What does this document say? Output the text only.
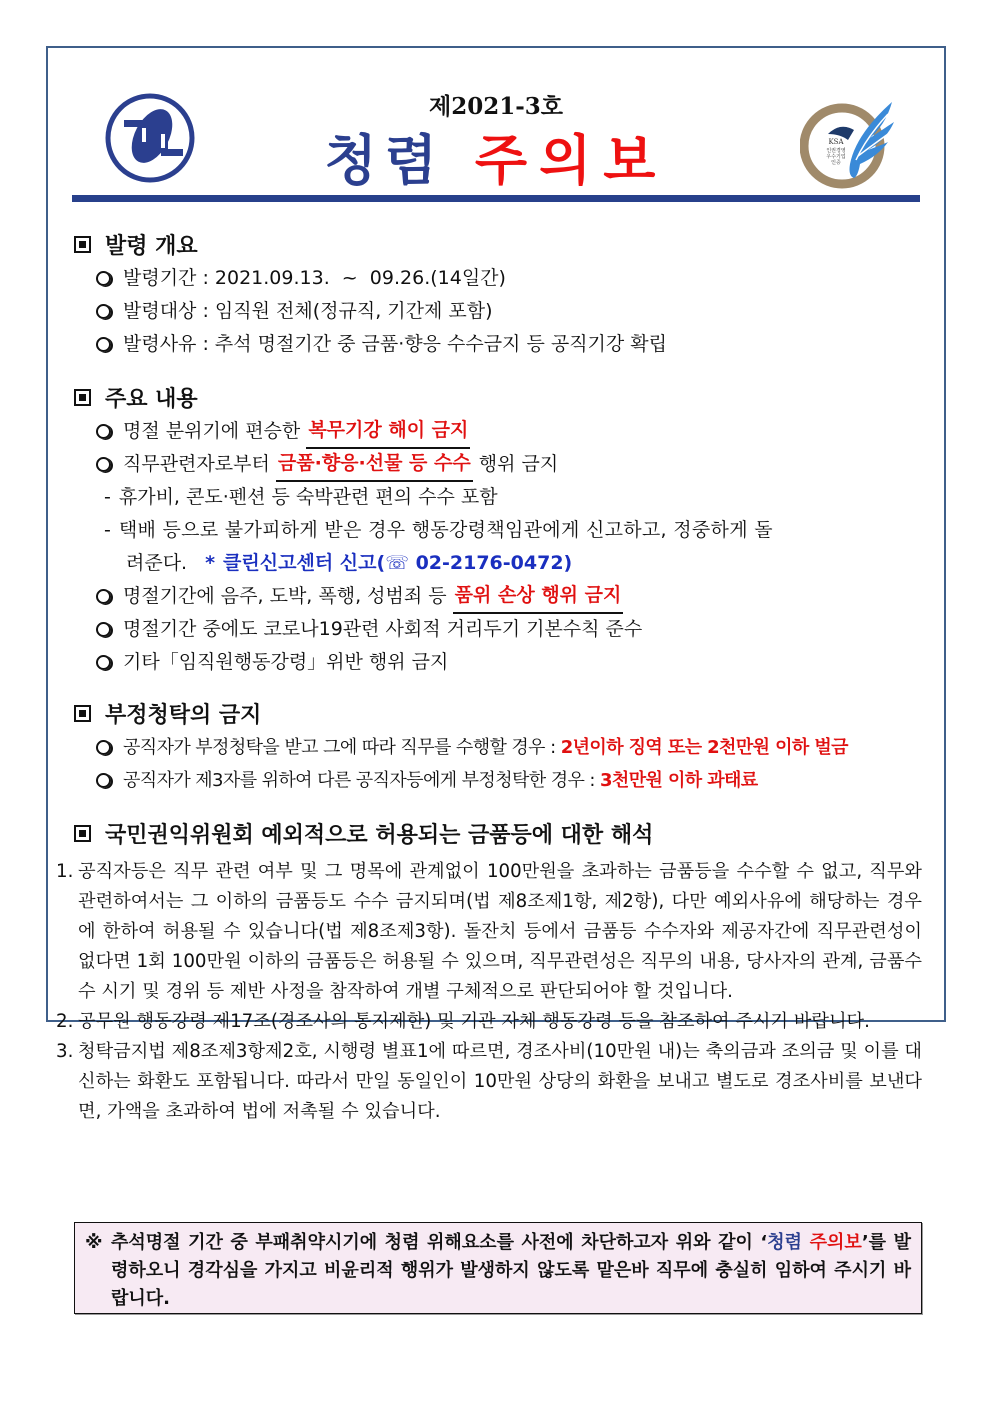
제2021-3호
청렴 주의보	KSA
인권경영
우수기업
인증
발령 개요
발령기간 : 2021.09.13.  ~  09.26.(14일간)
발령대상 : 임직원 전체(정규직, 기간제 포함)
발령사유 : 추석 명절기간 중 금품·향응 수수금지 등 공직기강 확립
주요 내용
명절 분위기에 편승한 복무기강 해이 금지
직무관련자로부터 금품·향응·선물 등 수수 행위 금지
- 휴가비, 콘도·펜션 등 숙박관련 편의 수수 포함
- 택배 등으로 불가피하게 받은 경우 행동강령책임관에게 신고하고, 정중하게 돌
려준다. * 클린신고센터 신고( ☏ 02-2176-0472)
명절기간에 음주, 도박, 폭행, 성범죄 등 품위 손상 행위 금지
명절기간 중에도 코로나19관련 사회적 거리두기 기본수칙 준수
기타「임직원행동강령」위반 행위 금지
부정청탁의 금지
공직자가 부정청탁을 받고 그에 따라 직무를 수행할 경우 : 2년이하 징역 또는 2천만원 이하 벌금
공직자가 제3자를 위하여 다른 공직자등에게 부정청탁한 경우 : 3천만원 이하 과태료
국민권익위원회 예외적으로 허용되는 금품등에 대한 해석
1. 공직자등은 직무 관련 여부 및 그 명목에 관계없이 100만원을 초과하는 금품등을 수수할 수 없고, 직무와 관련하여서는 그 이하의 금품등도 수수 금지되며(법 제8조제1항, 제2항), 다만 예외사유에 해당하는 경우에 한하여 허용될 수 있습니다(법 제8조제3항). 돌잔치 등에서 금품등 수수자와 제공자간에 직무관련성이 없다면 1회 100만원 이하의 금품등은 허용될 수 있으며, 직무관련성은 직무의 내용, 당사자의 관계, 금품수수 시기 및 경위 등 제반 사정을 참작하여 개별 구체적으로 판단되어야 할 것입니다.
2. 공무원 행동강령 제17조(경조사의 통지제한) 및 기관 자체 행동강령 등을 참조하여 주시기 바랍니다.
3. 청탁금지법 제8조제3항제2호, 시행령 별표1에 따르면, 경조사비(10만원 내)는 축의금과 조의금 및 이를 대신하는 화환도 포함됩니다. 따라서 만일 동일인이 10만원 상당의 화환을 보내고 별도로 경조사비를 보낸다면, 가액을 초과하여 법에 저촉될 수 있습니다.
※ 추석명절 기간 중 부패취약시기에 청렴 위해요소를 사전에 차단하고자 위와 같이 ‘청렴 주의보’를 발령하오니 경각심을 가지고 비윤리적 행위가 발생하지 않도록 맡은바 직무에 충실히 임하여 주시기 바랍니다.
